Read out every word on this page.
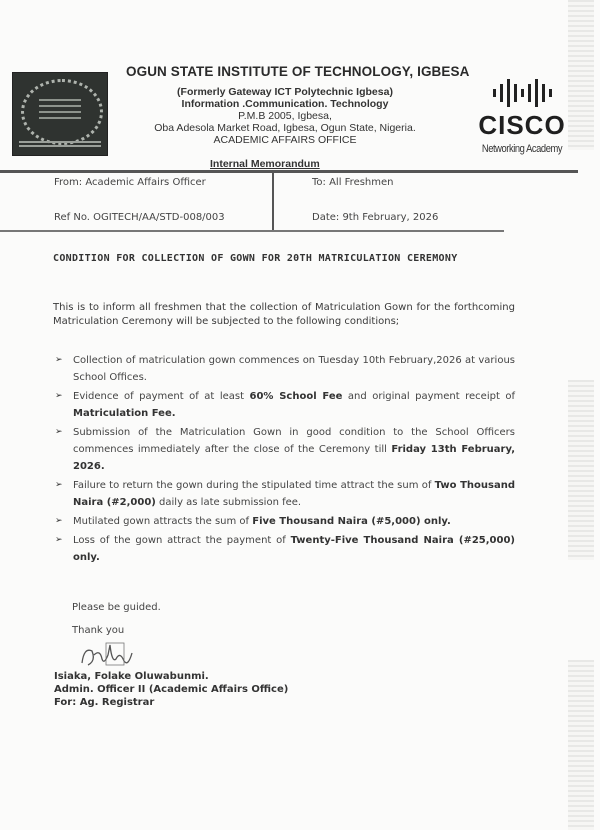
OGUN STATE INSTITUTE OF TECHNOLOGY, IGBESA
(Formerly Gateway ICT Polytechnic Igbesa)
Information .Communication. Technology
P.M.B 2005, Igbesa,
Oba Adesola Market Road, Igbesa, Ogun State, Nigeria.
ACADEMIC AFFAIRS OFFICE
Internal Memorandum
CISCO
Networking Academy
From: Academic Affairs Officer	To: All Freshmen
Ref No. OGITECH/AA/STD-008/003	Date: 9th February, 2026
CONDITION FOR COLLECTION OF GOWN FOR 20TH MATRICULATION CEREMONY
This is to inform all freshmen that the collection of Matriculation Gown for the forthcoming Matriculation Ceremony will be subjected to the following conditions;
➢ Collection of matriculation gown commences on Tuesday 10th February,2026 at various School Offices.
➢ Evidence of payment of at least 60% School Fee and original payment receipt of Matriculation Fee.
➢ Submission of the Matriculation Gown in good condition to the School Officers commences immediately after the close of the Ceremony till Friday 13th February, 2026.
➢ Failure to return the gown during the stipulated time attract the sum of Two Thousand Naira (#2,000) daily as late submission fee.
➢ Mutilated gown attracts the sum of Five Thousand Naira (#5,000) only.
➢ Loss of the gown attract the payment of Twenty-Five Thousand Naira (#25,000) only.
Please be guided.
Thank you
Isiaka, Folake Oluwabunmi.
Admin. Officer II (Academic Affairs Office)
For: Ag. Registrar
